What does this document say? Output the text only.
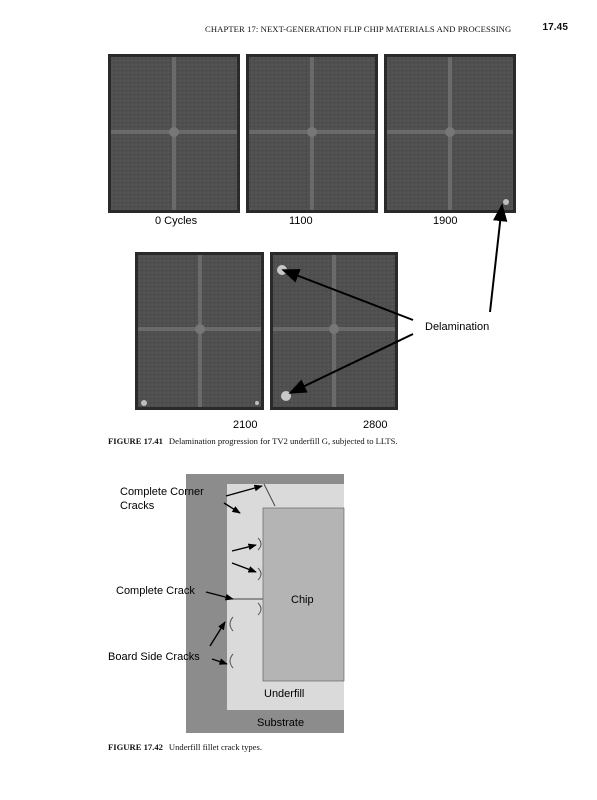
CHAPTER 17: NEXT-GENERATION FLIP CHIP MATERIALS AND PROCESSING	17.45
0 Cycles	1100	1900
2100	2800
Delamination
FIGURE 17.41 Delamination progression for TV2 underfill G, subjected to LLTS.
Complete Corner
Cracks
Complete Crack
Board Side Cracks
Chip
Underfill
Substrate
FIGURE 17.42 Underfill fillet crack types.
